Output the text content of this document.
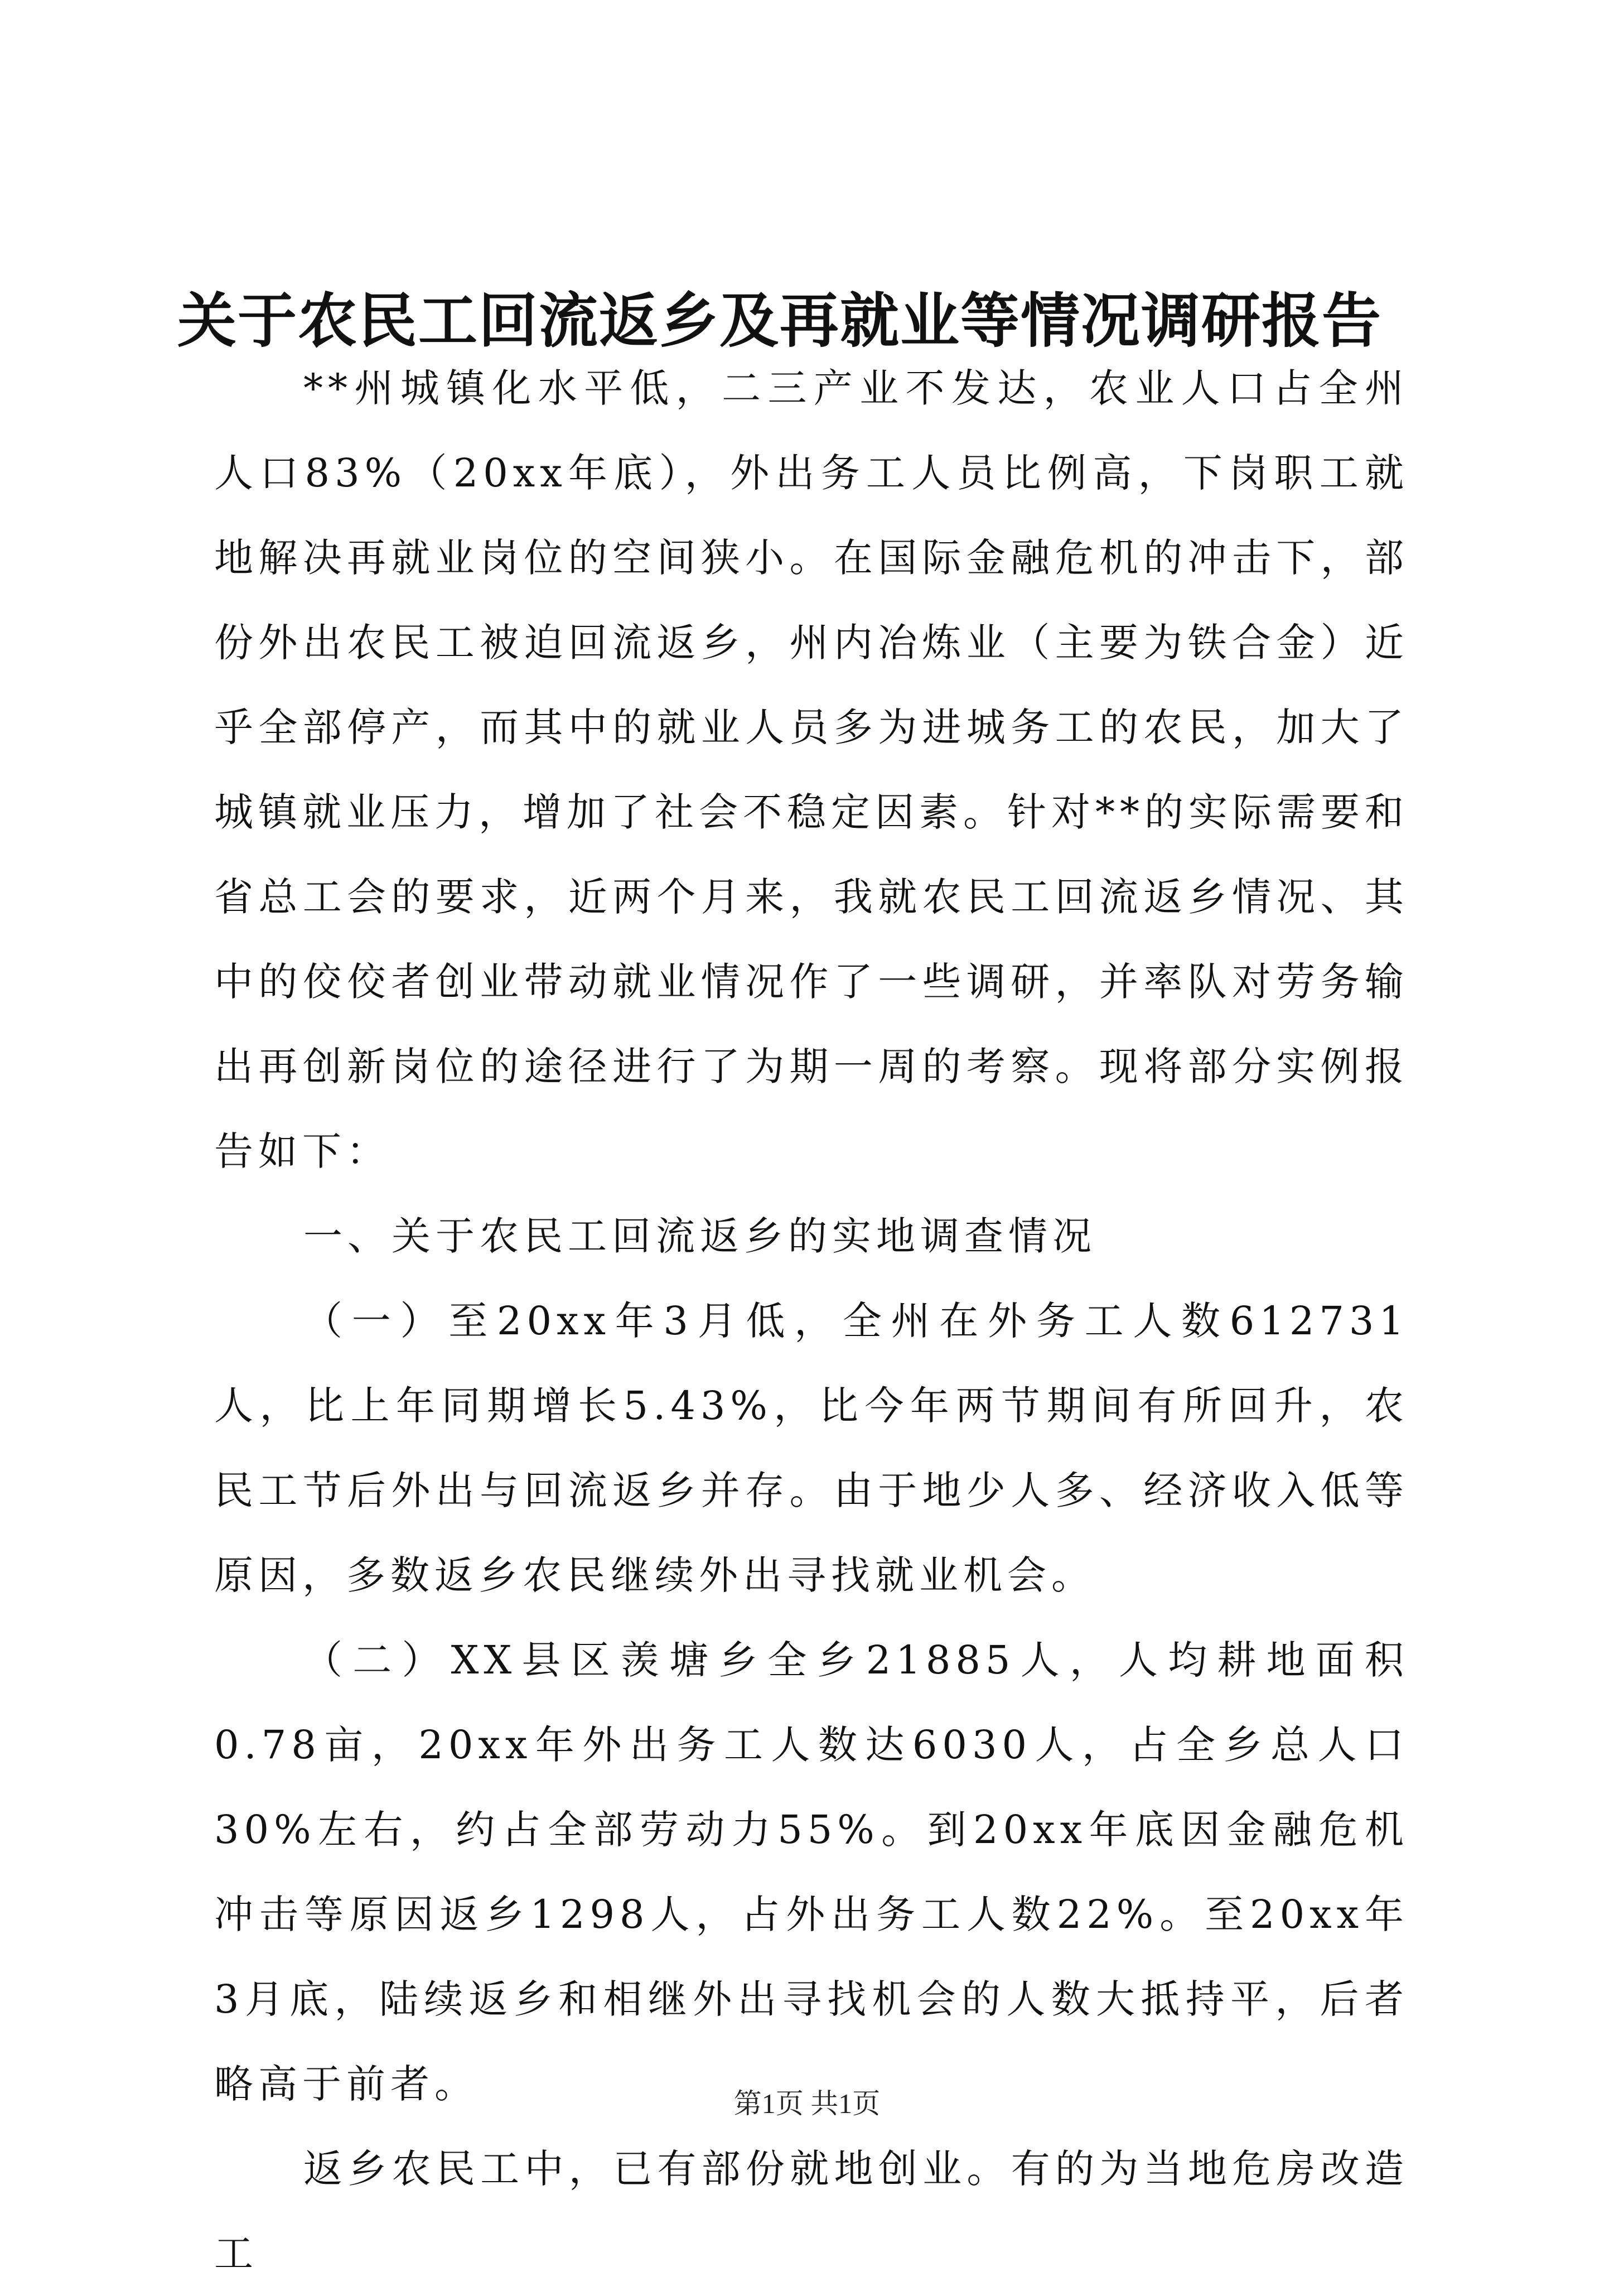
关于农民工回流返乡及再就业等情况调研报告

**州城镇化水平低，二三产业不发达，农业人口占全州人口83%（20xx年底），外出务工人员比例高，下岗职工就地解决再就业岗位的空间狭小。在国际金融危机的冲击下，部份外出农民工被迫回流返乡，州内冶炼业（主要为铁合金）近乎全部停产，而其中的就业人员多为进城务工的农民，加大了城镇就业压力，增加了社会不稳定因素。针对**的实际需要和省总工会的要求，近两个月来，我就农民工回流返乡情况、其中的佼佼者创业带动就业情况作了一些调研，并率队对劳务输出再创新岗位的途径进行了为期一周的考察。现将部分实例报告如下：

一、关于农民工回流返乡的实地调查情况

（一）至20xx年3月低，全州在外务工人数612731人，比上年同期增长5.43%，比今年两节期间有所回升，农民工节后外出与回流返乡并存。由于地少人多、经济收入低等原因，多数返乡农民继续外出寻找就业机会。

（二）XX县区羡塘乡全乡21885人，人均耕地面积0.78亩，20xx年外出务工人数达6030人，占全乡总人口30%左右，约占全部劳动力55%。到20xx年底因金融危机冲击等原因返乡1298人，占外出务工人数22%。至20xx年3月底，陆续返乡和相继外出寻找机会的人数大抵持平，后者略高于前者。

返乡农民工中，已有部份就地创业。有的为当地危房改造工

第1页 共1页
